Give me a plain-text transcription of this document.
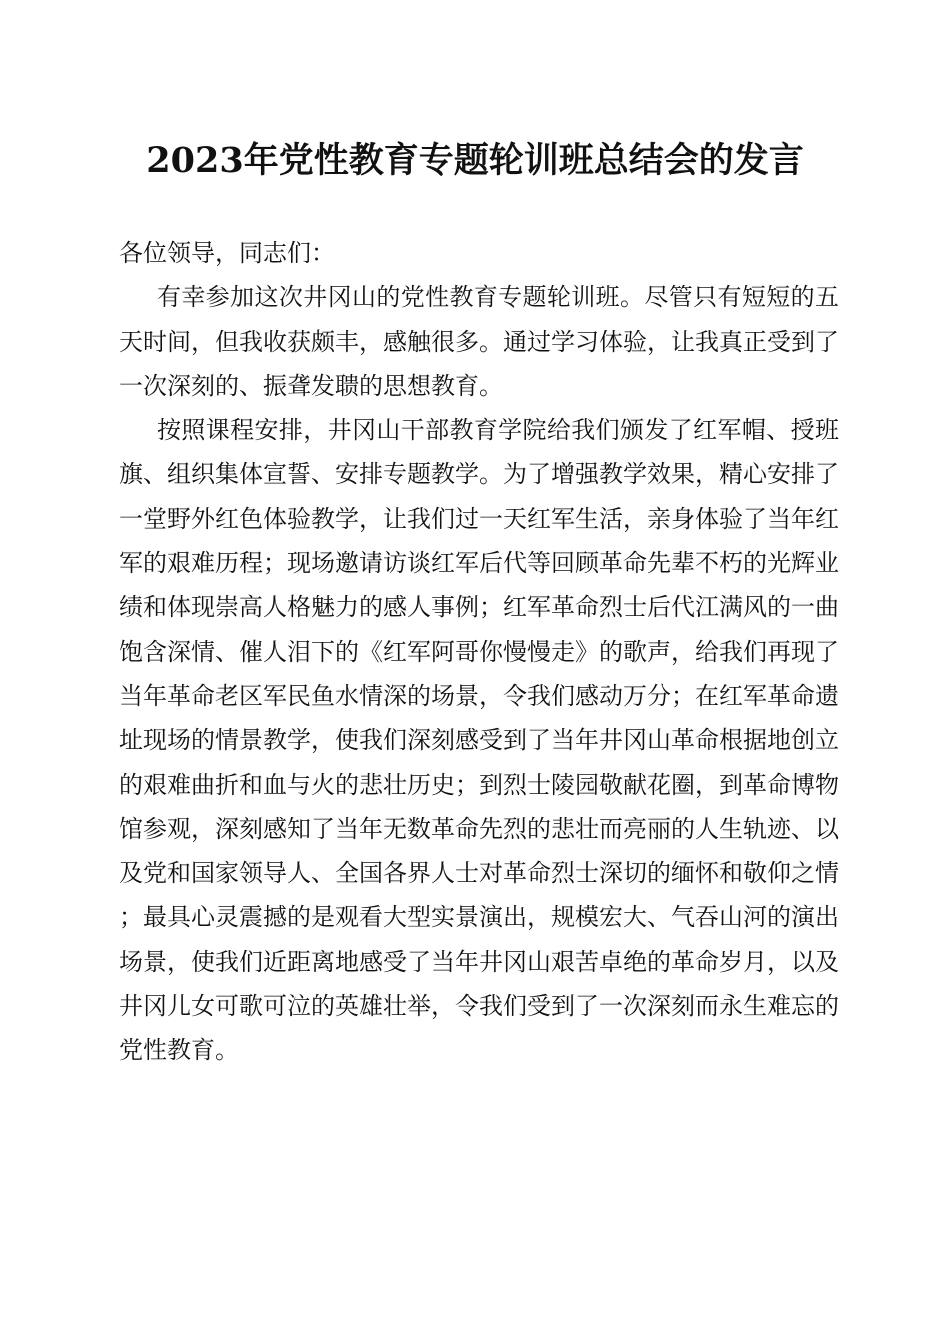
2023年党性教育专题轮训班总结会的发言

各位领导，同志们：

有幸参加这次井冈山的党性教育专题轮训班。尽管只有短短的五天时间，但我收获颇丰，感触很多。通过学习体验，让我真正受到了一次深刻的、振聋发聩的思想教育。

按照课程安排，井冈山干部教育学院给我们颁发了红军帽、授班旗、组织集体宣誓、安排专题教学。为了增强教学效果，精心安排了一堂野外红色体验教学，让我们过一天红军生活，亲身体验了当年红军的艰难历程；现场邀请访谈红军后代等回顾革命先辈不朽的光辉业绩和体现崇高人格魅力的感人事例；红军革命烈士后代江满风的一曲饱含深情、催人泪下的《红军阿哥你慢慢走》的歌声，给我们再现了当年革命老区军民鱼水情深的场景，令我们感动万分；在红军革命遗址现场的情景教学，使我们深刻感受到了当年井冈山革命根据地创立的艰难曲折和血与火的悲壮历史；到烈士陵园敬献花圈，到革命博物馆参观，深刻感知了当年无数革命先烈的悲壮而亮丽的人生轨迹、以及党和国家领导人、全国各界人士对革命烈士深切的缅怀和敬仰之情；最具心灵震撼的是观看大型实景演出，规模宏大、气吞山河的演出场景，使我们近距离地感受了当年井冈山艰苦卓绝的革命岁月，以及井冈儿女可歌可泣的英雄壮举，令我们受到了一次深刻而永生难忘的党性教育。
